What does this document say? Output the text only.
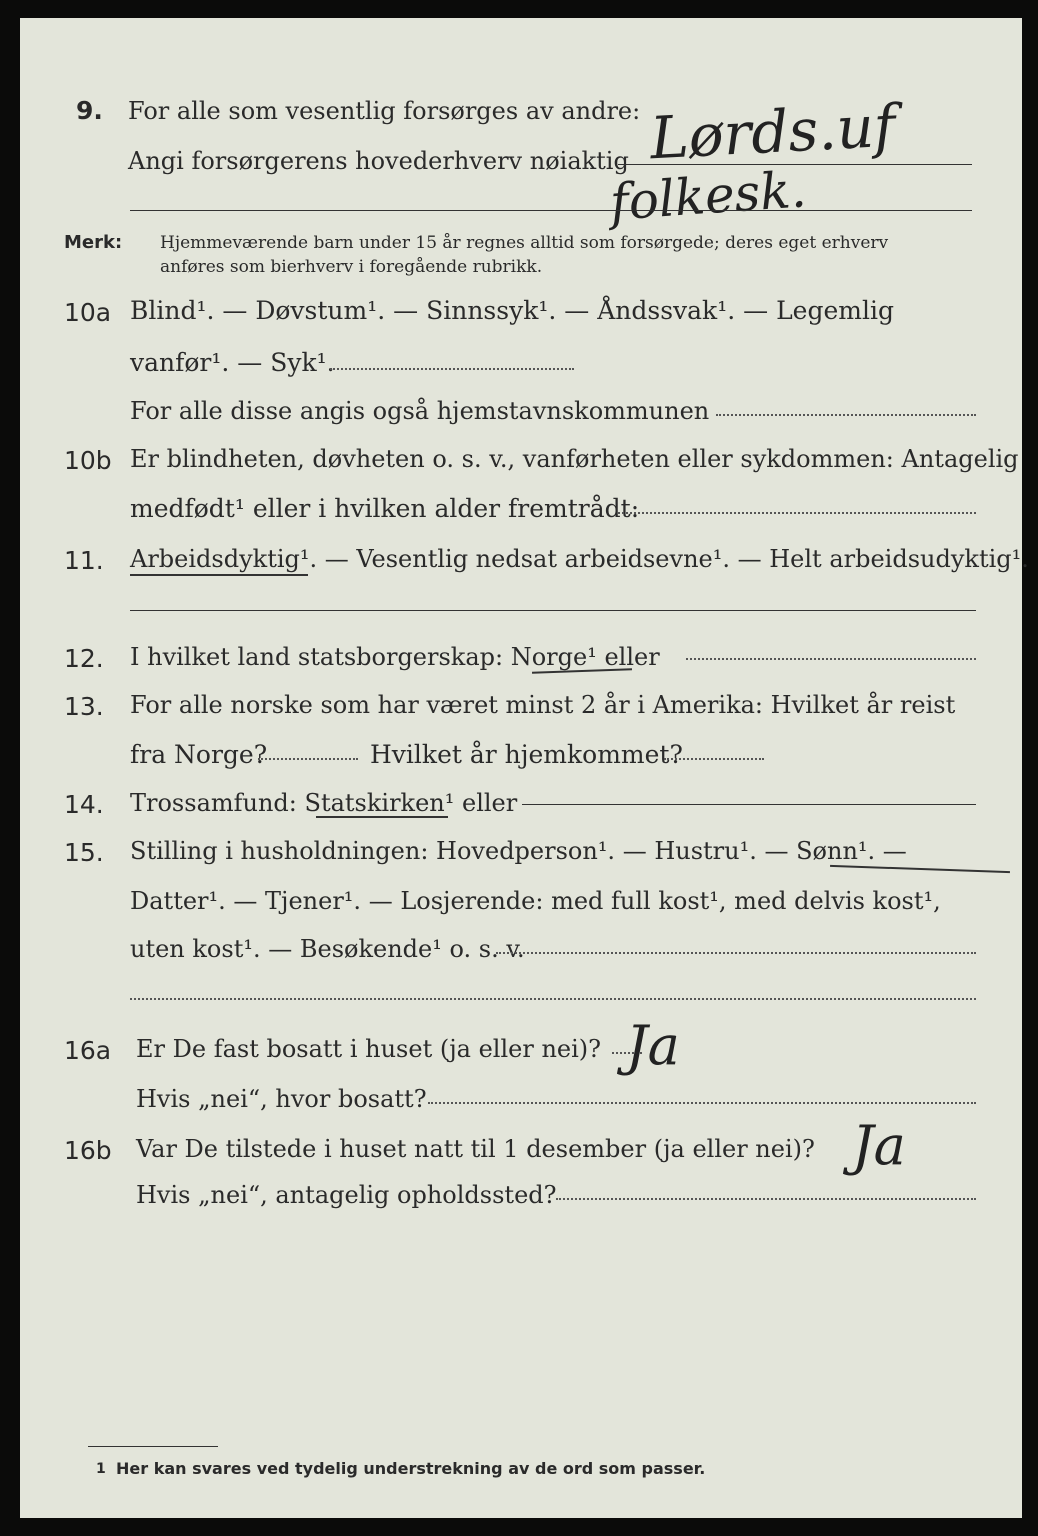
9. For alle som vesentlig forsørges av andre: Lørds.uf
Angi forsørgerens hovederhverv nøiaktig
folkesk.
Merk: Hjemmeværende barn under 15 år regnes alltid som forsørgede; deres eget erhverv
anføres som bierhverv i foregående rubrikk.
10a Blind¹. — Døvstum¹. — Sinnssyk¹. — Åndssvak¹. — Legemlig
vanfør¹. — Syk¹.
For alle disse angis også hjemstavnskommunen
10b Er blindheten, døvheten o. s. v., vanførheten eller sykdommen: Antagelig
medfødt¹ eller i hvilken alder fremtrådt:
11. Arbeidsdyktig¹. — Vesentlig nedsat arbeidsevne¹. — Helt arbeidsudyktig¹.
12. I hvilket land statsborgerskap: Norge¹ eller
13. For alle norske som har været minst 2 år i Amerika: Hvilket år reist
fra Norge?	Hvilket år hjemkommet?
14. Trossamfund: Statskirken¹ eller
15. Stilling i husholdningen: Hovedperson¹. — Hustru¹. — Sønn¹. —
Datter¹. — Tjener¹. — Losjerende: med full kost¹, med delvis kost¹,
uten kost¹. — Besøkende¹ o. s. v.
16a Er De fast bosatt i huset (ja eller nei)? Ja
Hvis „nei“, hvor bosatt?
16b Var De tilstede i huset natt til 1 desember (ja eller nei)? Ja
Hvis „nei“, antagelig opholdssted?
1 Her kan svares ved tydelig understrekning av de ord som passer.
